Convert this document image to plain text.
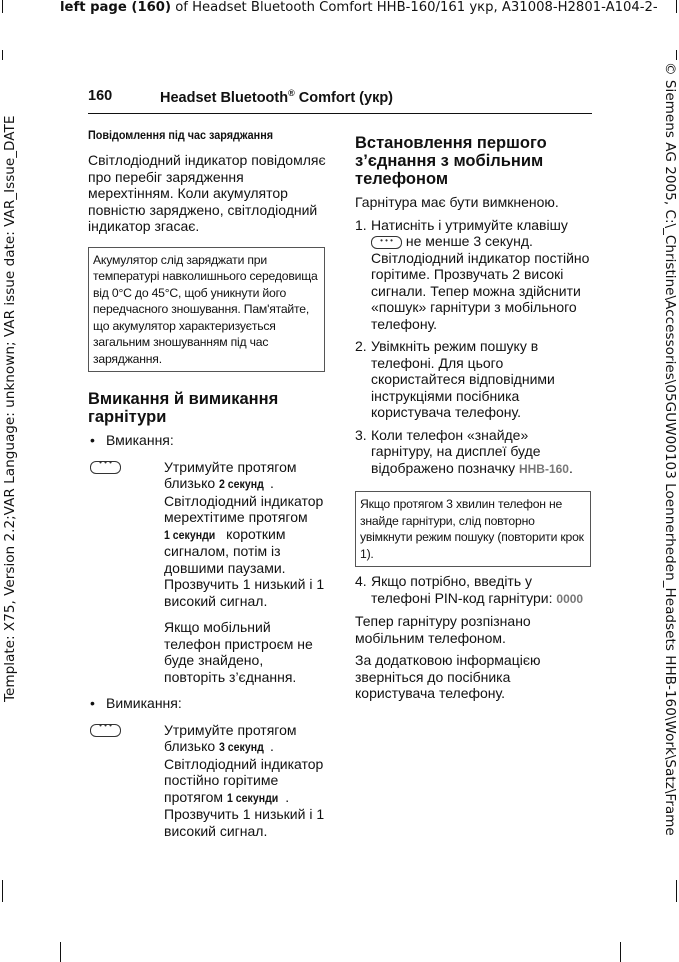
left page (160) of Headset Bluetooth Comfort HHB-160/161 укр, A31008-H2801-A104-2-
Template: X75, Version 2.2;VAR Language: unknown; VAR issue date: VAR_Issue_DATE	© Siemens AG 2005, C:\_Christine\Accessories\05GUW00103 Loennerheden_Headsets HHB-160\Work\Satz\Frame
160	Headset Bluetooth® Comfort (укр)
Повідомлення під час заряджання
Світлодіодний індикатор повідомляє про перебіг зарядження мерехтінням. Коли акумулятор повністю заряджено, світлодіодний індикатор згасає.
Акумулятор слід заряджати при температурі навколишнього середовища від 0°C до 45°C, щоб уникнути його передчасного зношування. Пам'ятайте, що акумулятор характеризується загальним зношуванням під час заряджання.
Вмикання й вимикання гарнітури
• Вмикання:
• • •

Утримуйте протягом близько 2 секунд . Світлодіодний індикатор мерехтітиме протягом 1 секунди коротким сигналом, потім із довшими паузами. Прозвучить 1 низький і 1 високий сигнал.

Якщо мобільний телефон пристроєм не буде знайдено, повторіть з’єднання.

• Вимикання:
• • •

Утримуйте протягом близько 3 секунд . Світлодіодний індикатор постійно горітиме протягом 1 секунди . Прозвучить 1 низький і 1 високий сигнал.

Встановлення першого з’єднання з мобільним телефоном
Гарнітура має бути вимкненою.
1. Натисніть і утримуйте клавішу
• • • не менше 3 секунд. Світлодіодний індикатор постійно горітиме. Прозвучать 2 високі сигнали. Тепер можна здійснити «пошук» гарнітури з мобільного телефону.
2. Увімкніть режим пошуку в телефоні. Для цього скористайтеся відповідними інструкціями посібника користувача телефону.
3. Коли телефон «знайде» гарнітуру, на дисплеї буде відображено позначку HHB-160.
Якщо протягом 3 хвилин телефон не знайде гарнітури, слід повторно увімкнути режим пошуку (повторити крок 1).
4. Якщо потрібно, введіть у телефоні PIN-код гарнітури: 0000
Тепер гарнітуру розпізнано мобільним телефоном.
За додатковою інформацією зверніться до посібника користувача телефону.
